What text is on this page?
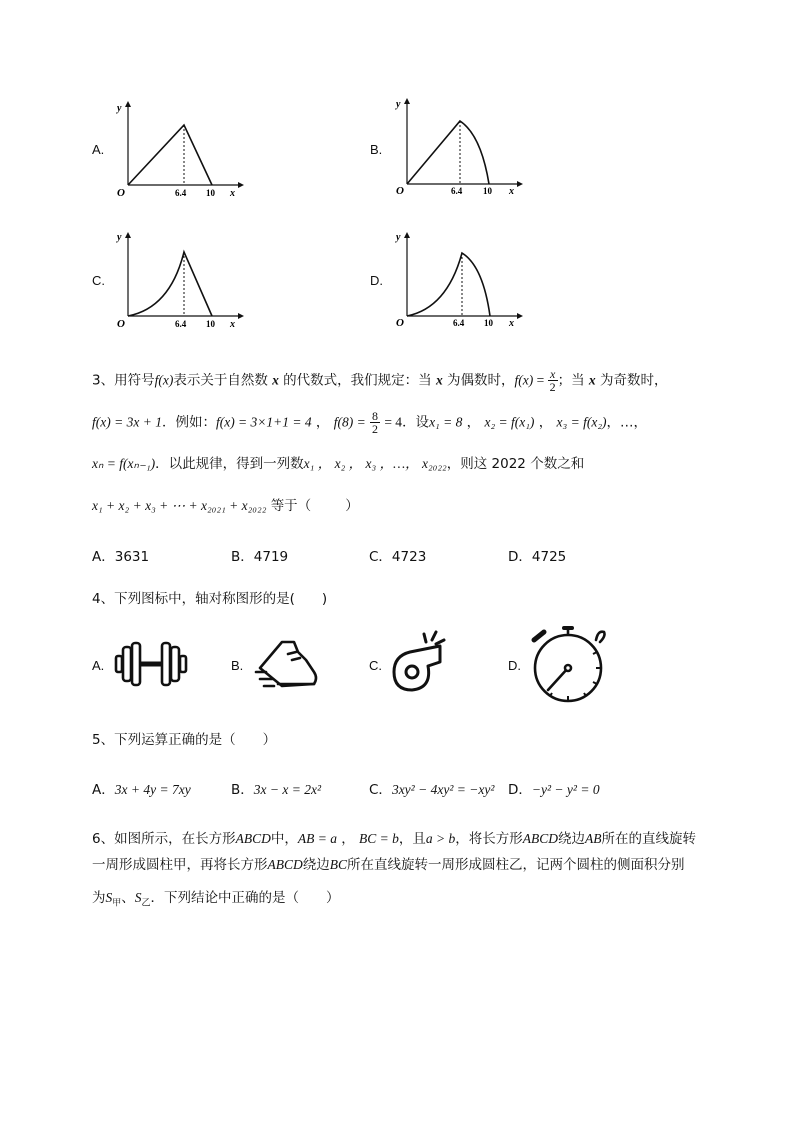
A.	B.
C.	D.
y
x
O	6.4 10
y
x
O	6.4 10
y
x
O	6.4 10
y
x
O	6.4 10
3、用符号f(x)表示关于自然数 x 的代数式，我们规定：当 x 为偶数时，$f(x) = \frac{x}{2}$ ；当 x 为奇数时，
f(x) = 3x + 1．例如：f(x) = 3×1+1 = 4 ， $f(8) = \frac{8}{2} = 4$．设x₁ = 8 ， x₂ = f(x₁) ， x₃ = f(x₂)，…，
xₙ = f(xₙ₋₁)．以此规律，得到一列数x₁ ， x₂ ， x₃ ，…， x₂₀₂₂，则这 2022 个数之和
x₁ + x₂ + x₃ + ⋯ + x₂₀₂₁ + x₂₀₂₂ 等于（	）
A．3631	B．4719	C．4723	D．4725
4、下列图标中，轴对称图形的是(　　)
A.	B.	C.	D.
5、下列运算正确的是（　　）
A．3x + 4y = 7xy	B．3x − x = 2x²	C．3xy² − 4xy² = −xy² D．−y² − y² = 0
6、如图所示，在长方形ABCD中，AB = a ， BC = b，且a > b，将长方形ABCD绕边AB所在的直线旋转
一周形成圆柱甲，再将长方形ABCD绕边BC所在直线旋转一周形成圆柱乙，记两个圆柱的侧面积分别
为$S_甲$、$S_乙$．下列结论中正确的是（　　）
